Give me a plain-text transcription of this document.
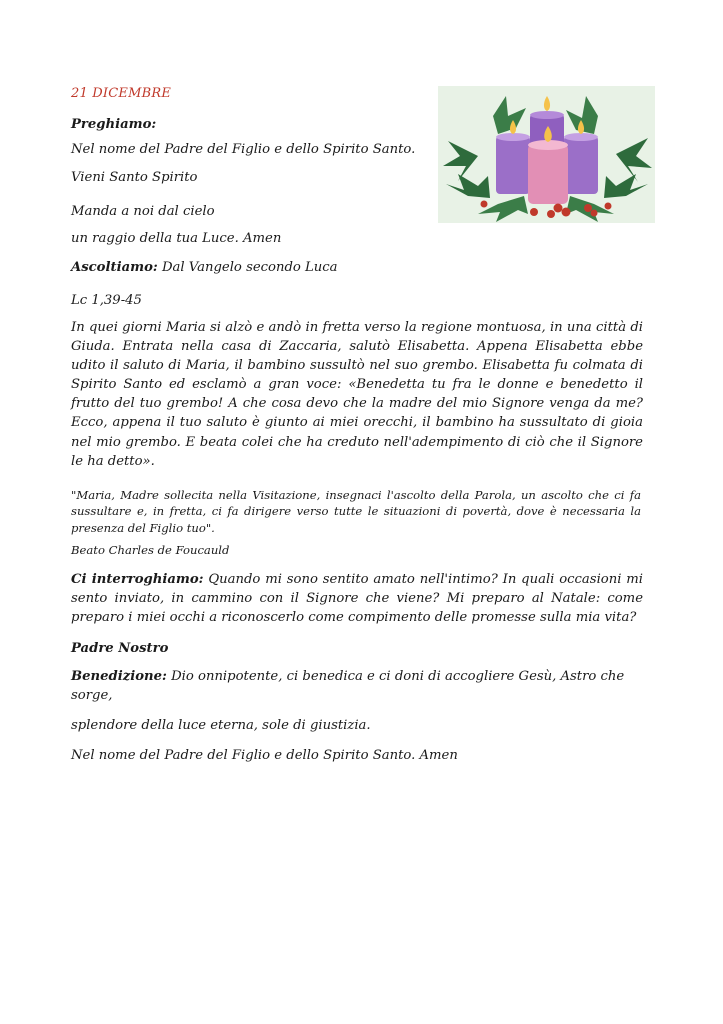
21 DICEMBRE

Preghiamo:

Nel nome del Padre del Figlio e dello Spirito Santo.

Vieni Santo Spirito

Manda a noi dal cielo

un raggio della tua Luce. Amen

Ascoltiamo: Dal Vangelo secondo Luca

Lc 1,39-45

In quei giorni Maria si alzò e andò in fretta verso la regione montuosa, in una città di Giuda. Entrata nella casa di Zaccaria, salutò Elisabetta. Appena Elisabetta ebbe udito il saluto di Maria, il bambino sussultò nel suo grembo. Elisabetta fu colmata di Spirito Santo ed esclamò a gran voce: «Benedetta tu fra le donne e benedetto il frutto del tuo grembo! A che cosa devo che la madre del mio Signore venga da me? Ecco, appena il tuo saluto è giunto ai miei orecchi, il bambino ha sussultato di gioia nel mio grembo. E beata colei che ha creduto nell'adempimento di ciò che il Signore le ha detto».

"Maria, Madre sollecita nella Visitazione, insegnaci l'ascolto della Parola, un ascolto che ci fa sussultare e, in fretta, ci fa dirigere verso tutte le situazioni di povertà, dove è necessaria la presenza del Figlio tuo".

Beato Charles de Foucauld

Ci interroghiamo: Quando mi sono sentito amato nell'intimo? In quali occasioni mi sento inviato, in cammino con il Signore che viene? Mi preparo al Natale: come preparo i miei occhi a riconoscerlo come compimento delle promesse sulla mia vita?

Padre Nostro

Benedizione: Dio onnipotente, ci benedica e ci doni di accogliere Gesù, Astro che sorge,

splendore della luce eterna, sole di giustizia.

Nel nome del Padre del Figlio e dello Spirito Santo. Amen
